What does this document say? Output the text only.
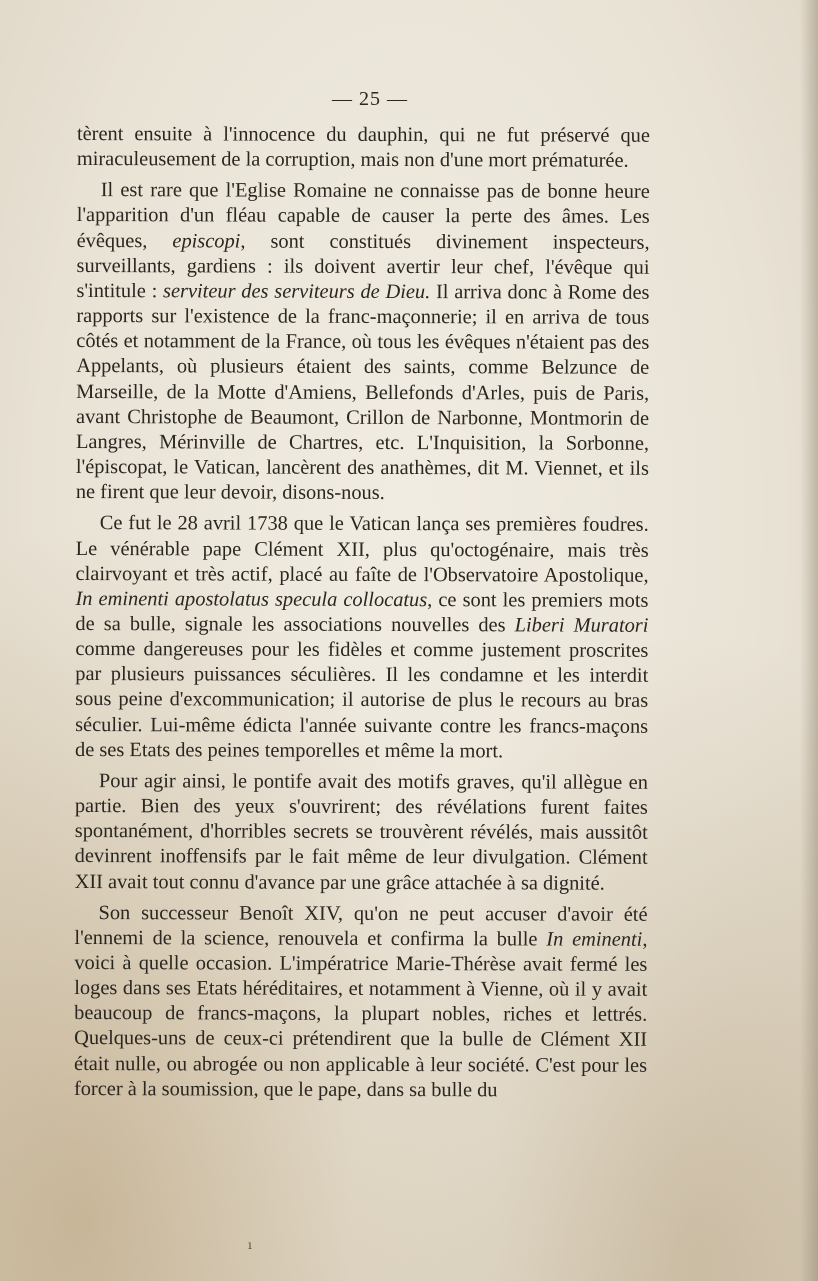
— 25 —

tèrent ensuite à l'innocence du dauphin, qui ne fut préservé que miraculeusement de la corruption, mais non d'une mort prématurée.

Il est rare que l'Eglise Romaine ne connaisse pas de bonne heure l'apparition d'un fléau capable de causer la perte des âmes. Les évêques, episcopi, sont constitués divinement inspecteurs, surveillants, gardiens : ils doivent avertir leur chef, l'évêque qui s'intitule : serviteur des serviteurs de Dieu. Il arriva donc à Rome des rapports sur l'existence de la franc-maçonnerie; il en arriva de tous côtés et notamment de la France, où tous les évêques n'étaient pas des Appelants, où plusieurs étaient des saints, comme Belzunce de Marseille, de la Motte d'Amiens, Bellefonds d'Arles, puis de Paris, avant Christophe de Beaumont, Crillon de Narbonne, Montmorin de Langres, Mérinville de Chartres, etc. L'Inquisition, la Sorbonne, l'épiscopat, le Vatican, lancèrent des anathèmes, dit M. Viennet, et ils ne firent que leur devoir, disons-nous.

Ce fut le 28 avril 1738 que le Vatican lança ses premières foudres. Le vénérable pape Clément XII, plus qu'octogénaire, mais très clairvoyant et très actif, placé au faîte de l'Observatoire Apostolique, In eminenti apostolatus specula collocatus, ce sont les premiers mots de sa bulle, signale les associations nouvelles des Liberi Muratori comme dangereuses pour les fidèles et comme justement proscrites par plusieurs puissances séculières. Il les condamne et les interdit sous peine d'excommunication; il autorise de plus le recours au bras séculier. Lui-même édicta l'année suivante contre les francs-maçons de ses Etats des peines temporelles et même la mort.

Pour agir ainsi, le pontife avait des motifs graves, qu'il allègue en partie. Bien des yeux s'ouvrirent; des révélations furent faites spontanément, d'horribles secrets se trouvèrent révélés, mais aussitôt devinrent inoffensifs par le fait même de leur divulgation. Clément XII avait tout connu d'avance par une grâce attachée à sa dignité.

Son successeur Benoît XIV, qu'on ne peut accuser d'avoir été l'ennemi de la science, renouvela et confirma la bulle In eminenti, voici à quelle occasion. L'impératrice Marie-Thérèse avait fermé les loges dans ses Etats héréditaires, et notamment à Vienne, où il y avait beaucoup de francs-maçons, la plupart nobles, riches et lettrés. Quelques-uns de ceux-ci prétendirent que la bulle de Clément XII était nulle, ou abrogée ou non applicable à leur société. C'est pour les forcer à la soumission, que le pape, dans sa bulle du

ı
